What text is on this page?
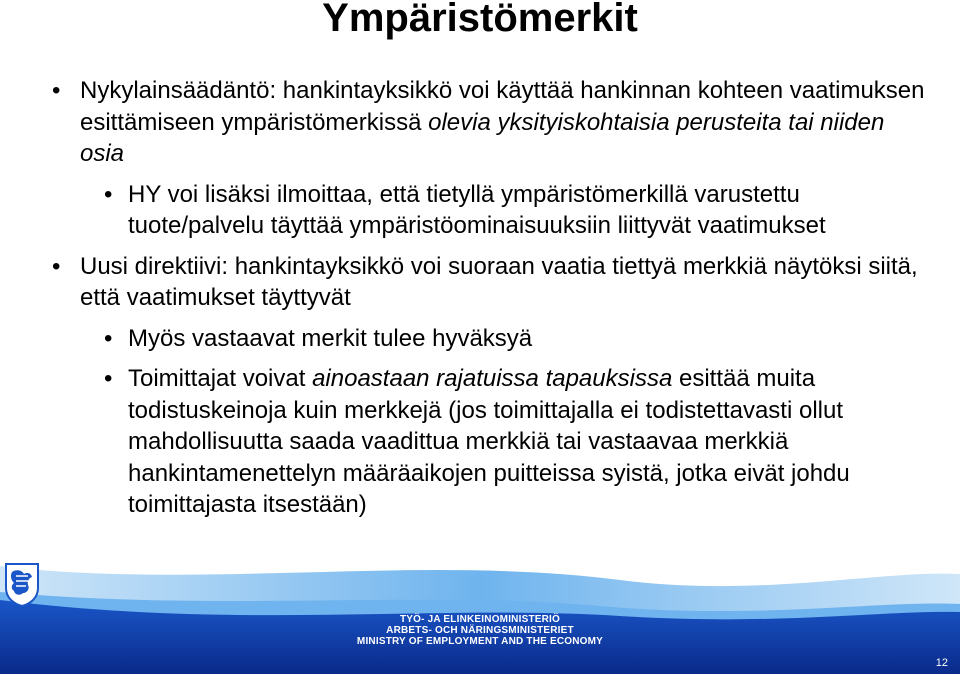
Ympäristömerkit
• Nykylainsäädäntö: hankintayksikkö voi käyttää hankinnan kohteen vaatimuksen esittämiseen ympäristömerkissä olevia yksityiskohtaisia perusteita tai niiden osia
• HY voi lisäksi ilmoittaa, että tietyllä ympäristömerkillä varustettu tuote/palvelu täyttää ympäristöominaisuuksiin liittyvät vaatimukset
• Uusi direktiivi: hankintayksikkö voi suoraan vaatia tiettyä merkkiä näytöksi siitä, että vaatimukset täyttyvät
• Myös vastaavat merkit tulee hyväksyä
• Toimittajat voivat ainoastaan rajatuissa tapauksissa esittää muita todistuskeinoja kuin merkkejä (jos toimittajalla ei todistettavasti ollut mahdollisuutta saada vaadittua merkkiä tai vastaavaa merkkiä hankintamenettelyn määräaikojen puitteissa syistä, jotka eivät johdu toimittajasta itsestään)
TYÖ- JA ELINKEINOMINISTERIÖ
ARBETS- OCH NÄRINGSMINISTERIET
MINISTRY OF EMPLOYMENT AND THE ECONOMY
12
